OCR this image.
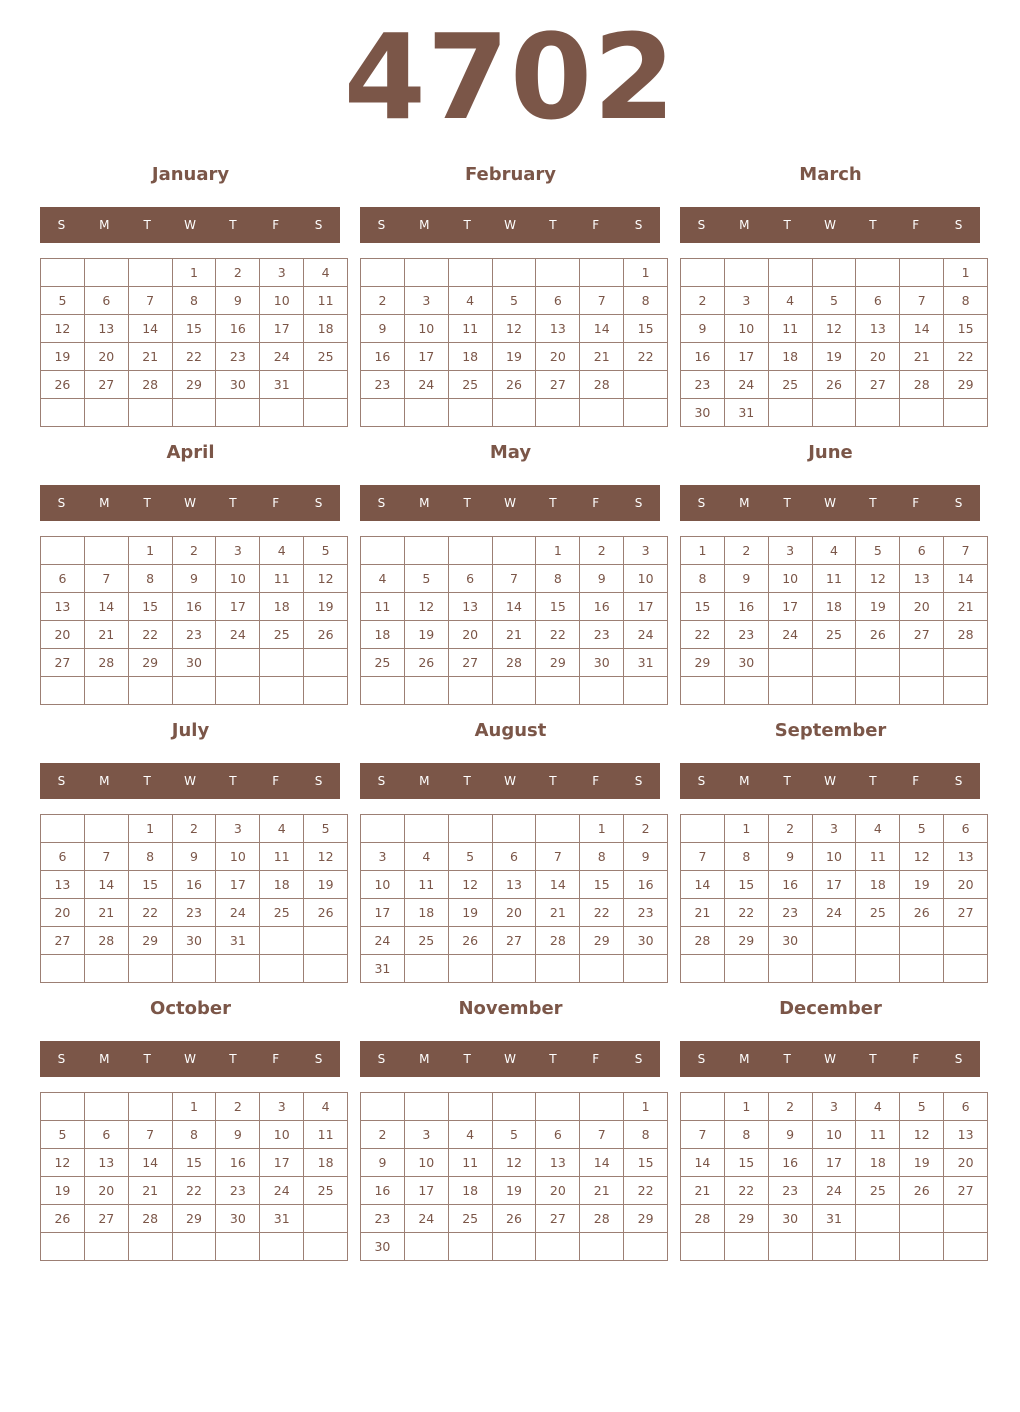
4702
January
S	M	T	W	T	F	S
			1	2	3	4
5	6	7	8	9	10	11
12	13	14	15	16	17	18
19	20	21	22	23	24	25
26	27	28	29	30	31	

February
S	M	T	W	T	F	S
						1
2	3	4	5	6	7	8
9	10	11	12	13	14	15
16	17	18	19	20	21	22
23	24	25	26	27	28	

March
S	M	T	W	T	F	S
						1
2	3	4	5	6	7	8
9	10	11	12	13	14	15
16	17	18	19	20	21	22
23	24	25	26	27	28	29
30	31					
April
S	M	T	W	T	F	S
		1	2	3	4	5
6	7	8	9	10	11	12
13	14	15	16	17	18	19
20	21	22	23	24	25	26
27	28	29	30			

May
S	M	T	W	T	F	S
				1	2	3
4	5	6	7	8	9	10
11	12	13	14	15	16	17
18	19	20	21	22	23	24
25	26	27	28	29	30	31

June
S	M	T	W	T	F	S
1	2	3	4	5	6	7
8	9	10	11	12	13	14
15	16	17	18	19	20	21
22	23	24	25	26	27	28
29	30					

July
S	M	T	W	T	F	S
		1	2	3	4	5
6	7	8	9	10	11	12
13	14	15	16	17	18	19
20	21	22	23	24	25	26
27	28	29	30	31		

August
S	M	T	W	T	F	S
					1	2
3	4	5	6	7	8	9
10	11	12	13	14	15	16
17	18	19	20	21	22	23
24	25	26	27	28	29	30
31						
September
S	M	T	W	T	F	S
	1	2	3	4	5	6
7	8	9	10	11	12	13
14	15	16	17	18	19	20
21	22	23	24	25	26	27
28	29	30				

October
S	M	T	W	T	F	S
			1	2	3	4
5	6	7	8	9	10	11
12	13	14	15	16	17	18
19	20	21	22	23	24	25
26	27	28	29	30	31	

November
S	M	T	W	T	F	S
						1
2	3	4	5	6	7	8
9	10	11	12	13	14	15
16	17	18	19	20	21	22
23	24	25	26	27	28	29
30						
December
S	M	T	W	T	F	S
	1	2	3	4	5	6
7	8	9	10	11	12	13
14	15	16	17	18	19	20
21	22	23	24	25	26	27
28	29	30	31			
